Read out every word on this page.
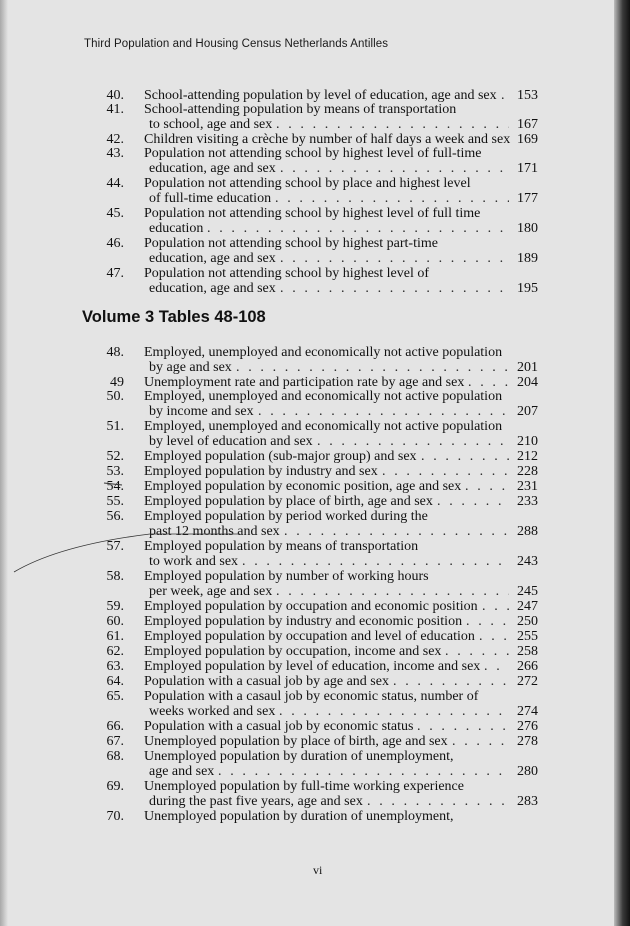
Third Population and Housing Census Netherlands Antilles
Volume 3 Tables 48-108
40. School-attending population by level of education, age and sex . . . 153
41. School-attending population by means of transportation
to school, age and sex . . .	167
42. Children visiting a crèche by number of half days a week and sex 169
43. Population not attending school by highest level of full-time
education, age and sex . . .	171
44. Population not attending school by place and highest level
of full-time education . . .	177
45. Population not attending school by highest level of full time
education . . .	180
46. Population not attending school by highest part-time
education, age and sex . . .	189
47. Population not attending school by highest level of
education, age and sex . . .	195
48. Employed, unemployed and economically not active population
by age and sex . . .	201
49 Unemployment rate and participation rate by age and sex . . .	204
50. Employed, unemployed and economically not active population
by income and sex . . .	207
51. Employed, unemployed and economically not active population
by level of education and sex . . .	210
52. Employed population (sub-major group) and sex . . .	212
53. Employed population by industry and sex . . .	228
54. Employed population by economic position, age and sex . . .	231
55. Employed population by place of birth, age and sex . . .	233
56. Employed population by period worked during the
past 12 months and sex . . .	288
57. Employed population by means of transportation
to work and sex . . .	243
58. Employed population by number of working hours
per week, age and sex . . .	245
59. Employed population by occupation and economic position . . .	247
60. Employed population by industry and economic position . . .	250
61. Employed population by occupation and level of education . . .	255
62. Employed population by occupation, income and sex . . .	258
63. Employed population by level of education, income and sex . . .	266
64. Population with a casual job by age and sex . . .	272
65. Population with a casaul job by economic status, number of
weeks worked and sex . . .	274
66. Population with a casual job by economic status . . .	276
67. Unemployed population by place of birth, age and sex . . .	278
68. Unemployed population by duration of unemployment,
age and sex . . .	280
69. Unemployed population by full-time working experience
during the past five years, age and sex . . .	283
70. Unemployed population by duration of unemployment,
vi
